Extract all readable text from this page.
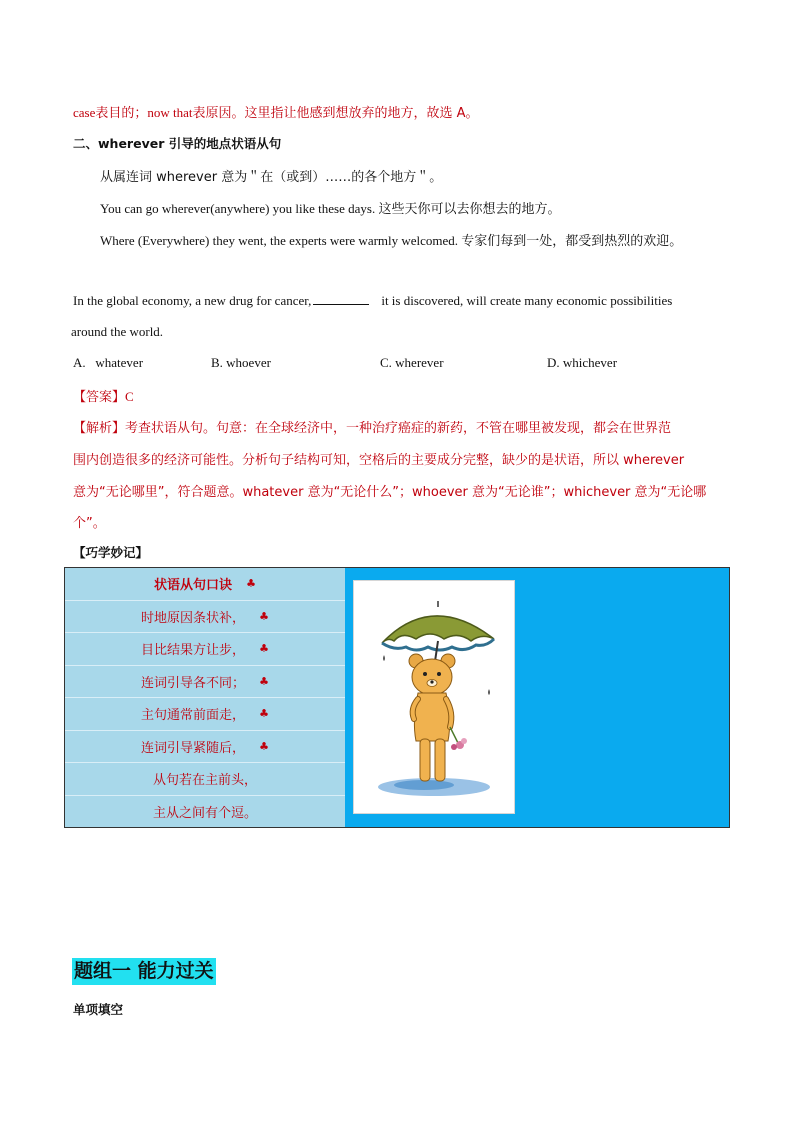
case表目的；now that表原因。这里指让他感到想放弃的地方，故选 A。
二、wherever 引导的地点状语从句
从属连词 wherever 意为＂在（或到）……的各个地方＂。
You can go wherever(anywhere) you like these days. 这些天你可以去你想去的地方。
Where (Everywhere) they went, the experts were warmly welcomed. 专家们每到一处，都受到热烈的欢迎。
In the global economy, a new drug for cancer,	it is discovered, will create many economic possibilities
around the world.
A. whatever	B. whoever	C. wherever	D. whichever
【答案】C
【解析】考查状语从句。句意：在全球经济中，一种治疗癌症的新药，不管在哪里被发现，都会在世界范
围内创造很多的经济可能性。分析句子结构可知，空格后的主要成分完整，缺少的是状语，所以 wherever
意为“无论哪里”，符合题意。whatever 意为“无论什么”；whoever 意为“无论谁”；whichever 意为“无论哪
个”。
【巧学妙记】
状语从句口诀 ♣
时地原因条状补， ♣
目比结果方让步， ♣
连词引导各不同； ♣
主句通常前面走， ♣
连词引导紧随后， ♣
从句若在主前头，
主从之间有个逗。

题组一 能力过关
单项填空
